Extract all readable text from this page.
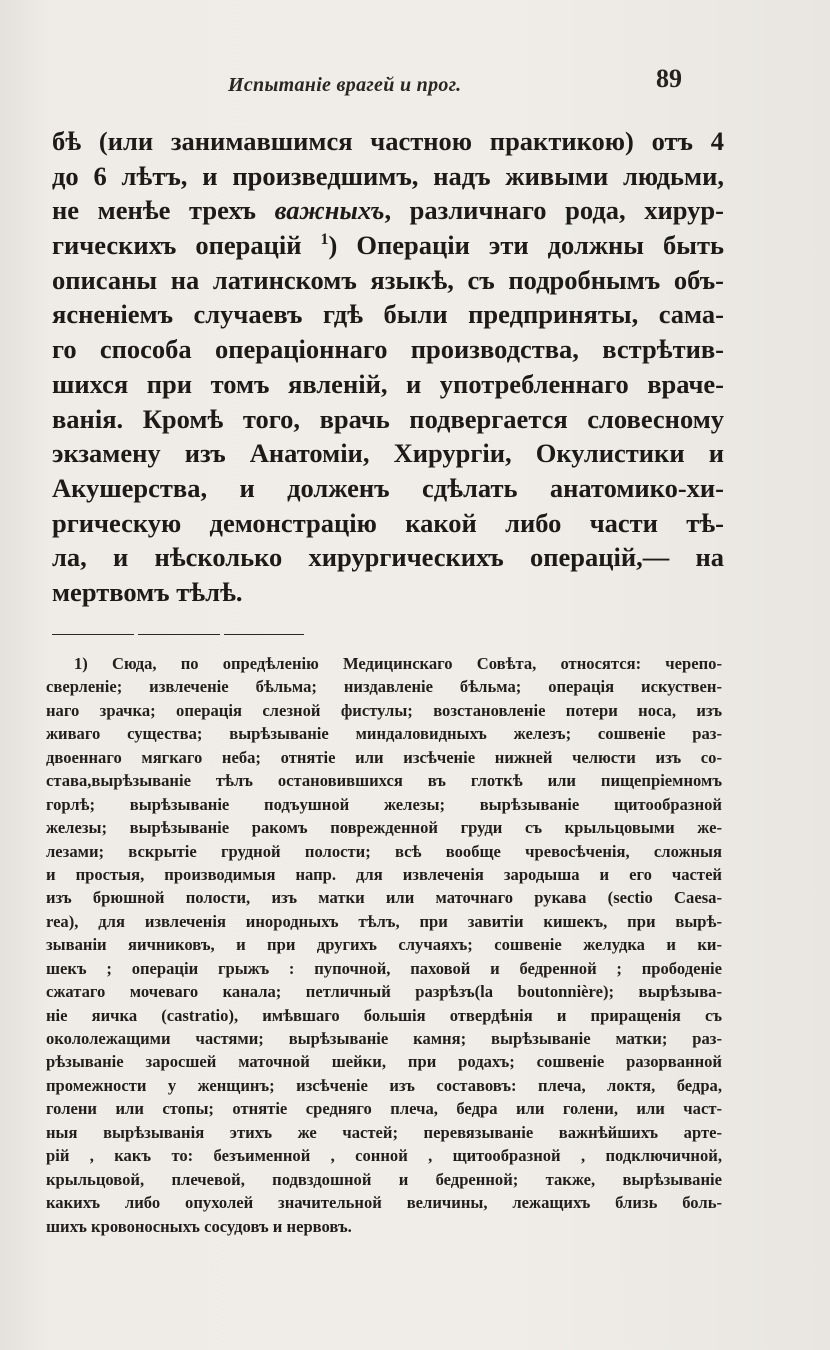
Испытаніе врагей и прог.	89
бѣ (или занимавшимся частною практикою) отъ 4
до 6 лѣтъ, и произведшимъ, надъ живыми людьми,
не менѣе трехъ важныхъ, различнаго рода, хирур-
гическихъ операцій $^1$) Операціи эти должны быть
описаны на латинскомъ языкѣ, съ подробнымъ объ-
ясненіемъ случаевъ гдѣ были предприняты, сама-
го способа операціоннаго производства, встрѣтив-
шихся при томъ явленій, и употребленнаго враче-
ванія. Кромѣ того, врачь подвергается словесному
экзамену изъ Анатоміи, Хирургіи, Окулистики и
Акушерства, и долженъ сдѣлать анатомико-хи-
ргическую демонстрацію какой либо части тѣ-
ла, и нѣсколько хирургическихъ операцій,— на
мертвомъ тѣлѣ.
1) Сюда, по опредѣленію Медицинскаго Совѣта, относятся: черепо-
сверленіе; извлеченіе бѣльма; низдавленіе бѣльма; операція искуствен-
наго зрачка; операція слезной фистулы; возстановленіе потери носа, изъ
живаго существа; вырѣзываніе миндаловидныхъ железъ; сошвеніе раз-
двоеннаго мягкаго неба; отнятіе или изсѣченіе нижней челюсти изъ со-
става,вырѣзываніе тѣлъ остановившихся въ глоткѣ или пищепріемномъ
горлѣ; вырѣзываніе подъушной железы; вырѣзываніе щитообразной
железы; вырѣзываніе ракомъ поврежденной груди съ крыльцовыми же-
лезами; вскрытіе грудной полости; всѣ вообще чревосѣченія, сложныя
и простыя, производимыя напр. для извлеченія зародыша и его частей
изъ брюшной полости, изъ матки или маточнаго рукава (sectio Caesa-
rea), для извлеченія инородныхъ тѣлъ, при завитіи кишекъ, при вырѣ-
зываніи яичниковъ, и при другихъ случаяхъ; сошвеніе желудка и ки-
шекъ ; операціи грыжъ : пупочной, паховой и бедренной ; прободеніе
сжатаго мочеваго канала; петличный разрѣзъ(la boutonnière); вырѣзыва-
ніе яичка (castratio), имѣвшаго большія отвердѣнія и приращенія съ
окололежащими частями; вырѣзываніе камня; вырѣзываніе матки; раз-
рѣзываніе заросшей маточной шейки, при родахъ; сошвеніе разорванной
промежности у женщинъ; изсѣченіе изъ составовъ: плеча, локтя, бедра,
голени или стопы; отнятіе средняго плеча, бедра или голени, или част-
ныя вырѣзыванія этихъ же частей; перевязываніе важнѣйшихъ арте-
рій , какъ то: безъименной , сонной , щитообразной , подключичной,
крыльцовой, плечевой, подвздошной и бедренной; также, вырѣзываніе
какихъ либо опухолей значительной величины, лежащихъ близь боль-
шихъ кровоносныхъ сосудовъ и нервовъ.
